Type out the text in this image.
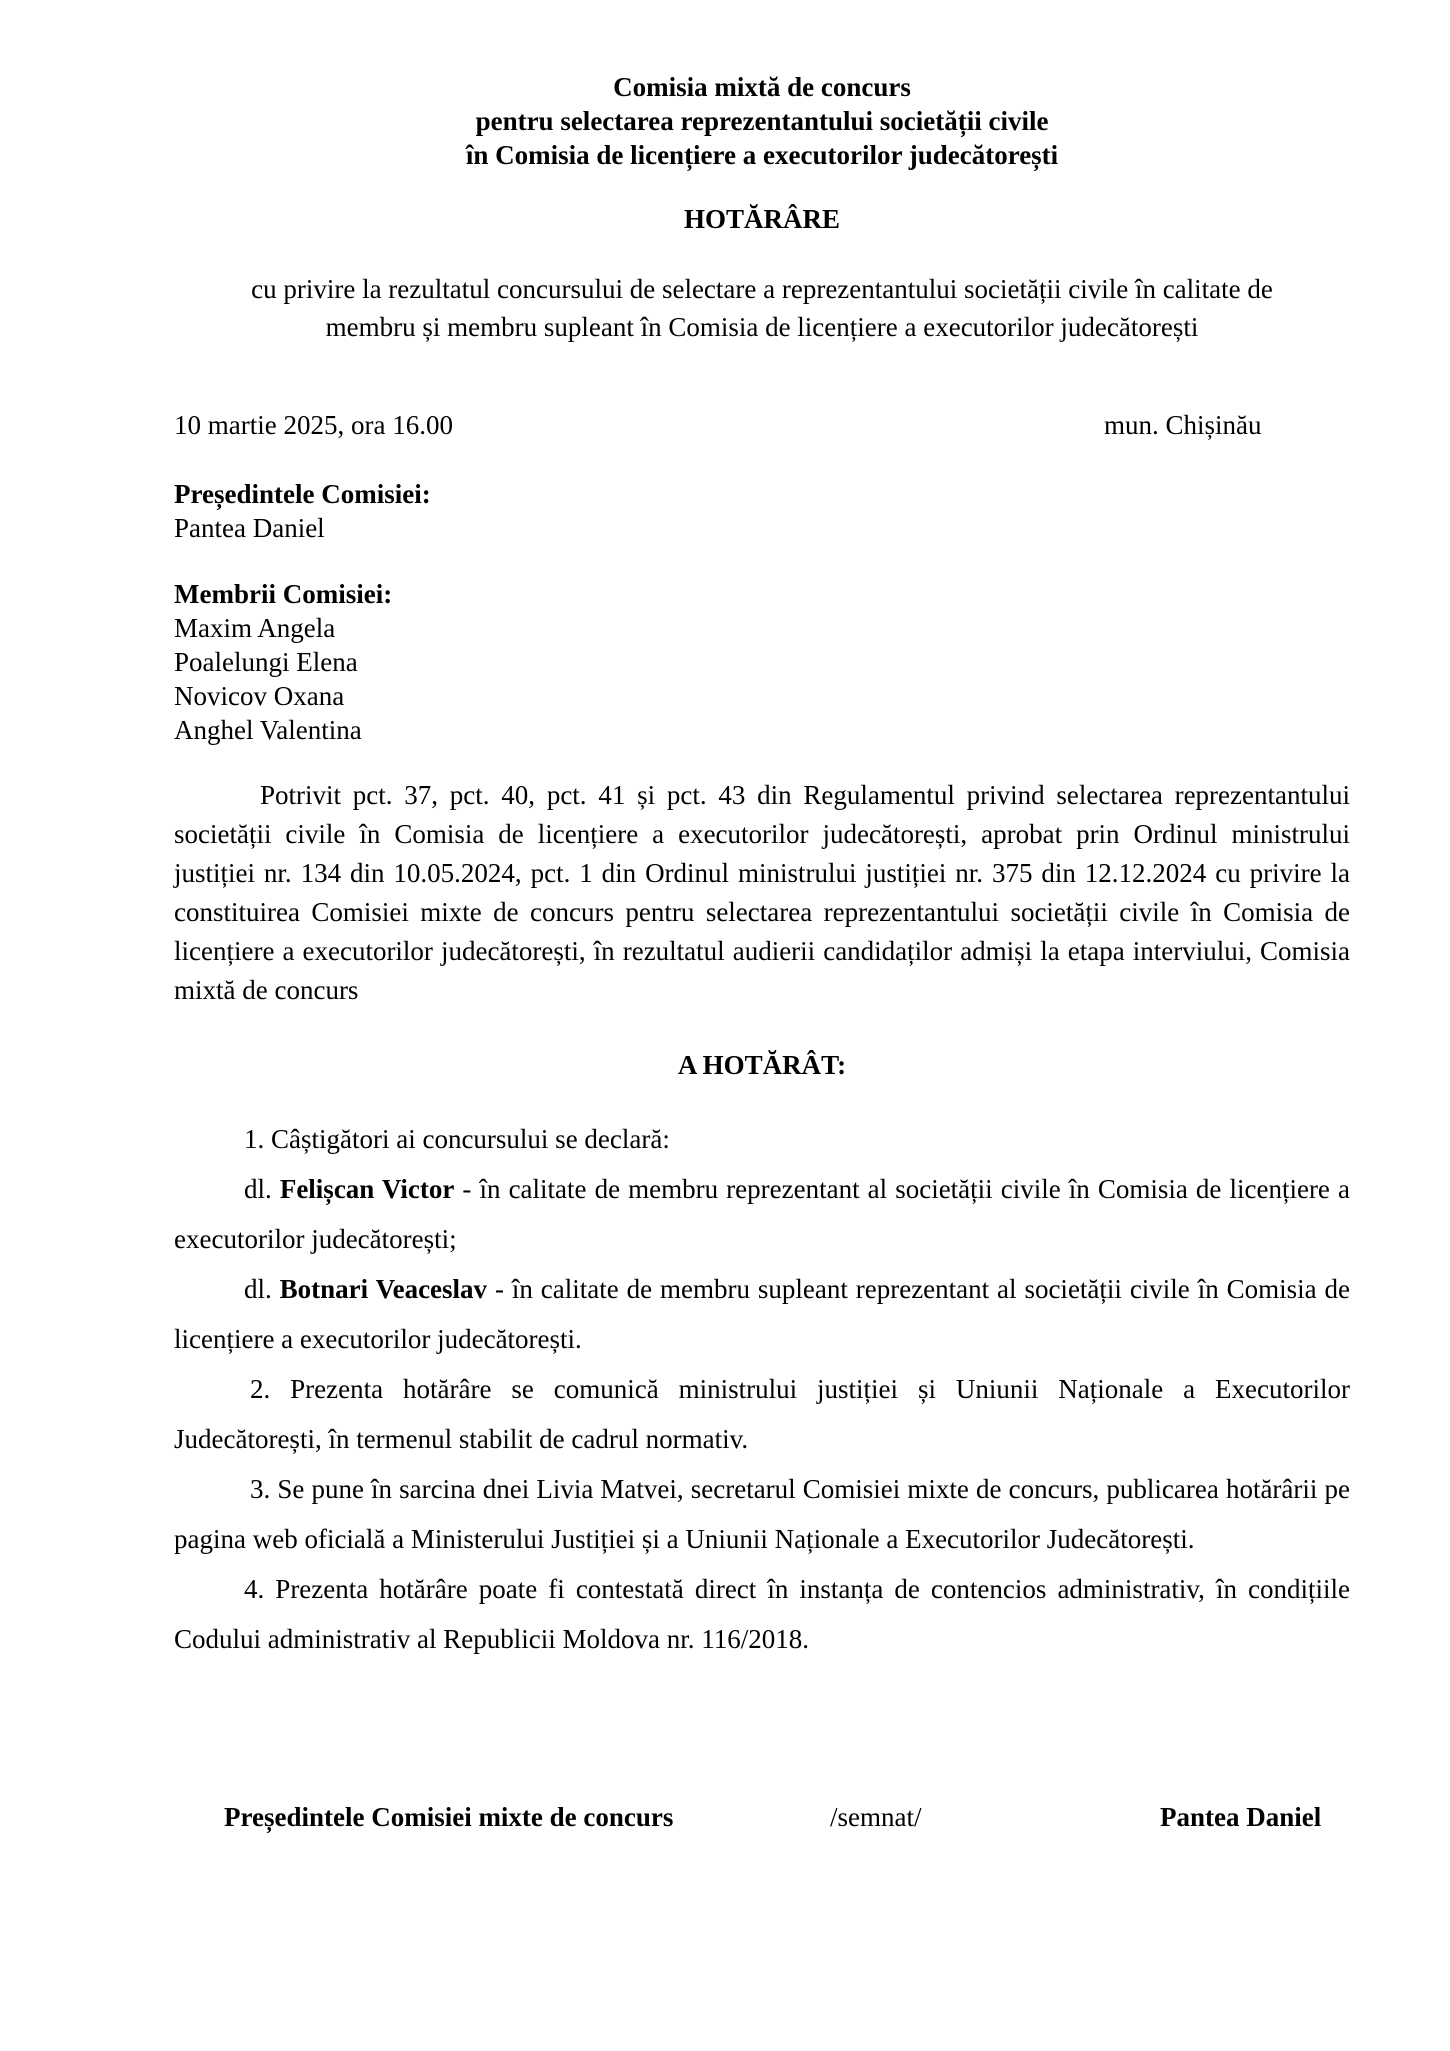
Comisia mixtă de concurs
pentru selectarea reprezentantului societății civile
în Comisia de licențiere a executorilor judecătorești
HOTĂRÂRE
cu privire la rezultatul concursului de selectare a reprezentantului societății civile în calitate de
membru și membru supleant în Comisia de licențiere a executorilor judecătorești
10 martie 2025, ora 16.00	mun. Chișinău
Președintele Comisiei:
Pantea Daniel
Membrii Comisiei:
Maxim Angela
Poalelungi Elena
Novicov Oxana
Anghel Valentina
Potrivit pct. 37, pct. 40, pct. 41 și pct. 43 din Regulamentul privind selectarea reprezentantului societății civile în Comisia de licențiere a executorilor judecătorești, aprobat prin Ordinul ministrului justiției nr. 134 din 10.05.2024, pct. 1 din Ordinul ministrului justiției nr. 375 din 12.12.2024 cu privire la constituirea Comisiei mixte de concurs pentru selectarea reprezentantului societății civile în Comisia de licențiere a executorilor judecătorești, în rezultatul audierii candidaților admiși la etapa interviului, Comisia mixtă de concurs
A HOTĂRÂT:

1. Câștigători ai concursului se declară:

dl. Felișcan Victor - în calitate de membru reprezentant al societății civile în Comisia de licențiere a executorilor judecătorești;

dl. Botnari Veaceslav - în calitate de membru supleant reprezentant al societății civile în Comisia de licențiere a executorilor judecătorești.

2. Prezenta hotărâre se comunică ministrului justiției și Uniunii Naționale a Executorilor Judecătorești, în termenul stabilit de cadrul normativ.

3. Se pune în sarcina dnei Livia Matvei, secretarul Comisiei mixte de concurs, publicarea hotărârii pe pagina web oficială a Ministerului Justiției și a Uniunii Naționale a Executorilor Judecătorești.

4. Prezenta hotărâre poate fi contestată direct în instanța de contencios administrativ, în condițiile Codului administrativ al Republicii Moldova nr. 116/2018.

Președintele Comisiei mixte de concurs	/semnat/	Pantea Daniel
